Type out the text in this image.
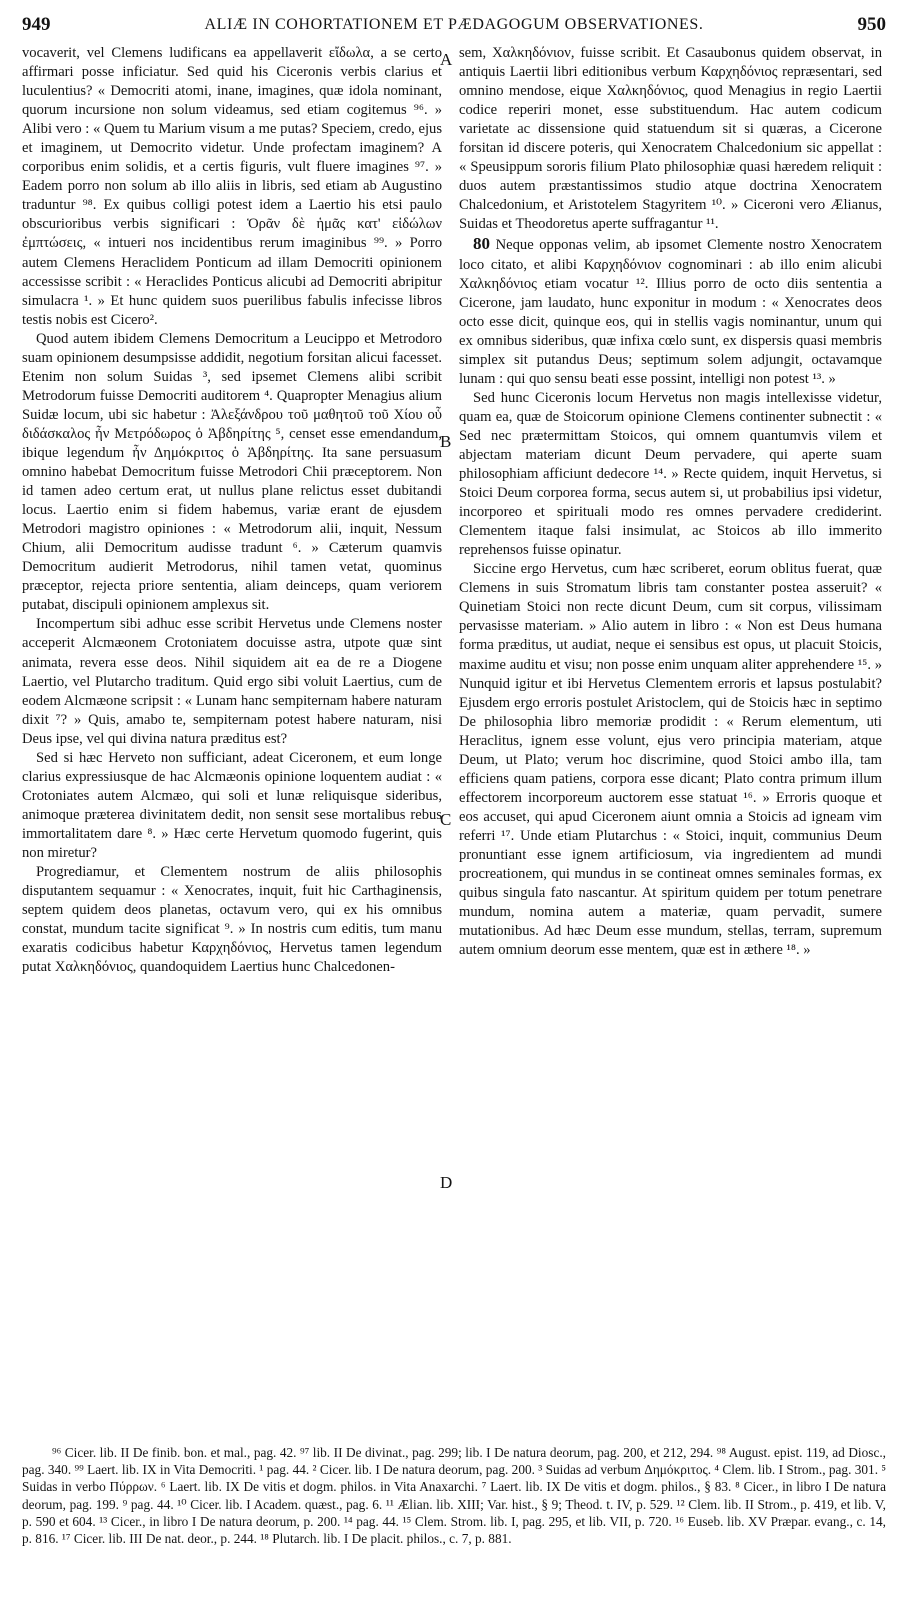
949	ALIÆ IN COHORTATIONEM ET PÆDAGOGUM OBSERVATIONES.	950

vocaverit, vel Clemens ludificans ea appellaverit εἴδωλα, a se certo affirmari posse inficiatur. Sed quid his Ciceronis verbis clarius et luculentius? « Democriti atomi, inane, imagines, quæ idola nominant, quorum incursione non solum videamus, sed etiam cogitemus ⁹⁶. » Alibi vero : « Quem tu Marium visum a me putas? Speciem, credo, ejus et imaginem, ut Democrito videtur. Unde profectam imaginem? A corporibus enim solidis, et a certis figuris, vult fluere imagines ⁹⁷. » Eadem porro non solum ab illo aliis in libris, sed etiam ab Augustino traduntur ⁹⁸. Ex quibus colligi potest idem a Laertio his etsi paulo obscurioribus verbis significari : Ὁρᾶν δὲ ἡμᾶς κατ' εἰδώλων ἐμπτώσεις, « intueri nos incidentibus rerum imaginibus ⁹⁹. » Porro autem Clemens Heraclidem Ponticum ad illam Democriti opinionem accessisse scribit : « Heraclides Ponticus alicubi ad Democriti abripitur simulacra ¹. » Et hunc quidem suos puerilibus fabulis infecisse libros testis nobis est Cicero².

Quod autem ibidem Clemens Democritum a Leucippo et Metrodoro suam opinionem desumpsisse addidit, negotium forsitan alicui facesset. Etenim non solum Suidas ³, sed ipsemet Clemens alibi scribit Metrodorum fuisse Democriti auditorem ⁴. Quapropter Menagius alium Suidæ locum, ubi sic habetur : Ἀλεξάνδρου τοῦ μαθητοῦ τοῦ Χίου οὗ διδάσκαλος ἦν Μετρόδωρος ὁ Ἀβδηρίτης ⁵, censet esse emendandum, ibique legendum ἦν Δημόκριτος ὁ Ἀβδηρίτης. Ita sane persuasum omnino habebat Democritum fuisse Metrodori Chii præceptorem. Non id tamen adeo certum erat, ut nullus plane relictus esset dubitandi locus. Laertio enim si fidem habemus, variæ erant de ejusdem Metrodori magistro opiniones : « Metrodorum alii, inquit, Nessum Chium, alii Democritum audisse tradunt ⁶. » Cæterum quamvis Democritum audierit Metrodorus, nihil tamen vetat, quominus præceptor, rejecta priore sententia, aliam deinceps, quam veriorem putabat, discipuli opinionem amplexus sit.

Incompertum sibi adhuc esse scribit Hervetus unde Clemens noster acceperit Alcmæonem Crotoniatem docuisse astra, utpote quæ sint animata, revera esse deos. Nihil siquidem ait ea de re a Diogene Laertio, vel Plutarcho traditum. Quid ergo sibi voluit Laertius, cum de eodem Alcmæone scripsit : « Lunam hanc sempiternam habere naturam dixit ⁷? » Quis, amabo te, sempiternam potest habere naturam, nisi Deus ipse, vel qui divina natura præditus est?

Sed si hæc Herveto non sufficiant, adeat Ciceronem, et eum longe clarius expressiusque de hac Alcmæonis opinione loquentem audiat : « Crotoniates autem Alcmæo, qui soli et lunæ reliquisque sideribus, animoque præterea divinitatem dedit, non sensit sese mortalibus rebus immortalitatem dare ⁸. » Hæc certe Hervetum quomodo fugerint, quis non miretur?

Progrediamur, et Clementem nostrum de aliis philosophis disputantem sequamur : « Xenocrates, inquit, fuit hic Carthaginensis, septem quidem deos planetas, octavum vero, qui ex his omnibus constat, mundum tacite significat ⁹. » In nostris cum editis, tum manu exaratis codicibus habetur Καρχηδόνιος, Hervetus tamen legendum putat Χαλκηδόνιος, quandoquidem Laertius hunc Chalcedonen-

A
B
C
D

sem, Χαλκηδόνιον, fuisse scribit. Et Casaubonus quidem observat, in antiquis Laertii libri editionibus verbum Καρχηδόνιος repræsentari, sed omnino mendose, eique Χαλκηδόνιος, quod Menagius in regio Laertii codice reperiri monet, esse substituendum. Hac autem codicum varietate ac dissensione quid statuendum sit si quæras, a Cicerone forsitan id discere poteris, qui Xenocratem Chalcedonium sic appellat : « Speusippum sororis filium Plato philosophiæ quasi hæredem reliquit : duos autem præstantissimos studio atque doctrina Xenocratem Chalcedonium, et Aristotelem Stagyritem ¹⁰. » Ciceroni vero Ælianus, Suidas et Theodoretus aperte suffragantur ¹¹.

80 Neque opponas velim, ab ipsomet Clemente nostro Xenocratem loco citato, et alibi Καρχηδόνιον cognominari : ab illo enim alicubi Χαλκηδόνιος etiam vocatur ¹². Illius porro de octo diis sententia a Cicerone, jam laudato, hunc exponitur in modum : « Xenocrates deos octo esse dicit, quinque eos, qui in stellis vagis nominantur, unum qui ex omnibus sideribus, quæ infixa cœlo sunt, ex dispersis quasi membris simplex sit putandus Deus; septimum solem adjungit, octavamque lunam : qui quo sensu beati esse possint, intelligi non potest ¹³. »

Sed hunc Ciceronis locum Hervetus non magis intellexisse videtur, quam ea, quæ de Stoicorum opinione Clemens continenter subnectit : « Sed nec prætermittam Stoicos, qui omnem quantumvis vilem et abjectam materiam dicunt Deum pervadere, qui aperte suam philosophiam afficiunt dedecore ¹⁴. » Recte quidem, inquit Hervetus, si Stoici Deum corporea forma, secus autem si, ut probabilius ipsi videtur, incorporeo et spirituali modo res omnes pervadere crediderint. Clementem itaque falsi insimulat, ac Stoicos ab illo immerito reprehensos fuisse opinatur.

Siccine ergo Hervetus, cum hæc scriberet, eorum oblitus fuerat, quæ Clemens in suis Stromatum libris tam constanter postea asseruit? « Quinetiam Stoici non recte dicunt Deum, cum sit corpus, vilissimam pervasisse materiam. » Alio autem in libro : « Non est Deus humana forma præditus, ut audiat, neque ei sensibus est opus, ut placuit Stoicis, maxime auditu et visu; non posse enim unquam aliter apprehendere ¹⁵. » Nunquid igitur et ibi Hervetus Clementem erroris et lapsus postulabit? Ejusdem ergo erroris postulet Aristoclem, qui de Stoicis hæc in septimo De philosophia libro memoriæ prodidit : « Rerum elementum, uti Heraclitus, ignem esse volunt, ejus vero principia materiam, atque Deum, ut Plato; verum hoc discrimine, quod Stoici ambo illa, tam efficiens quam patiens, corpora esse dicant; Plato contra primum illum effectorem incorporeum auctorem esse statuat ¹⁶. » Erroris quoque et eos accuset, qui apud Ciceronem aiunt omnia a Stoicis ad igneam vim referri ¹⁷. Unde etiam Plutarchus : « Stoici, inquit, communius Deum pronuntiant esse ignem artificiosum, via ingredientem ad mundi procreationem, qui mundus in se contineat omnes seminales formas, ex quibus singula fato nascantur. At spiritum quidem per totum penetrare mundum, nomina autem a materiæ, quam pervadit, sumere mutationibus. Ad hæc Deum esse mundum, stellas, terram, supremum autem omnium deorum esse mentem, quæ est in æthere ¹⁸. »

⁹⁶ Cicer. lib. II De finib. bon. et mal., pag. 42. ⁹⁷ lib. II De divinat., pag. 299; lib. I De natura deorum, pag. 200, et 212, 294. ⁹⁸ August. epist. 119, ad Diosc., pag. 340. ⁹⁹ Laert. lib. IX in Vita Democriti. ¹ pag. 44. ² Cicer. lib. I De natura deorum, pag. 200. ³ Suidas ad verbum Δημόκριτος. ⁴ Clem. lib. I Strom., pag. 301. ⁵ Suidas in verbo Πύρρων. ⁶ Laert. lib. IX De vitis et dogm. philos. in Vita Anaxarchi. ⁷ Laert. lib. IX De vitis et dogm. philos., § 83. ⁸ Cicer., in libro I De natura deorum, pag. 199. ⁹ pag. 44. ¹⁰ Cicer. lib. I Academ. quæst., pag. 6. ¹¹ Ælian. lib. XIII; Var. hist., § 9; Theod. t. IV, p. 529. ¹² Clem. lib. II Strom., p. 419, et lib. V, p. 590 et 604. ¹³ Cicer., in libro I De natura deorum, p. 200. ¹⁴ pag. 44. ¹⁵ Clem. Strom. lib. I, pag. 295, et lib. VII, p. 720. ¹⁶ Euseb. lib. XV Præpar. evang., c. 14, p. 816. ¹⁷ Cicer. lib. III De nat. deor., p. 244. ¹⁸ Plutarch. lib. I De placit. philos., c. 7, p. 881.
